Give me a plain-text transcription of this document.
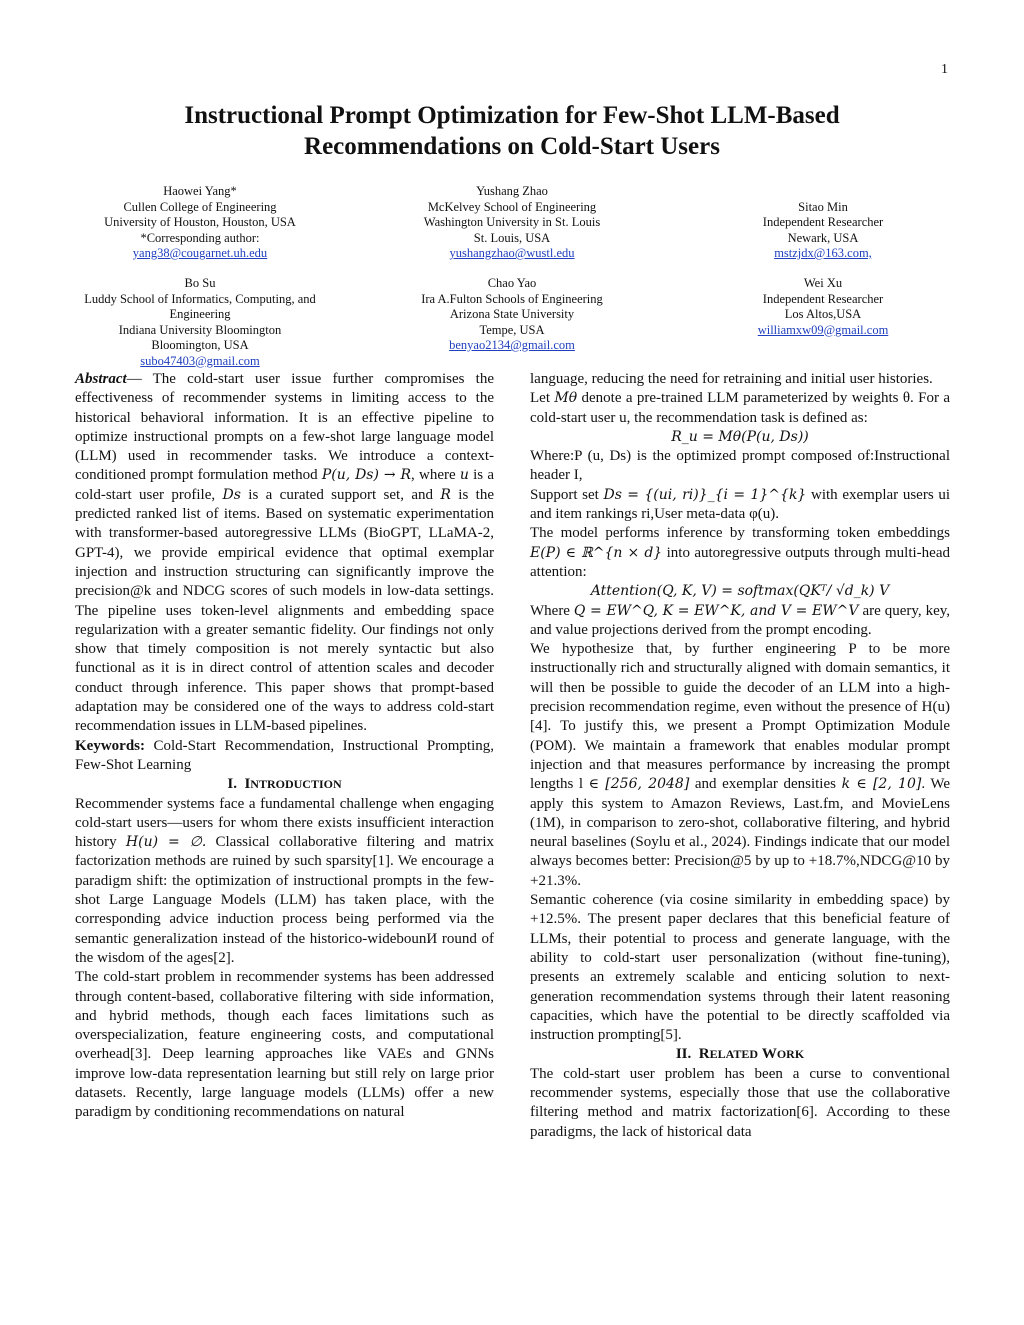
1
Instructional Prompt Optimization for Few-Shot LLM-Based
Recommendations on Cold-Start Users
Haowei Yang*
Cullen College of Engineering
University of Houston, Houston, USA
*Corresponding author:
yang38@cougarnet.uh.edu
Yushang Zhao
McKelvey School of Engineering
Washington University in St. Louis
St. Louis, USA
yushangzhao@wustl.edu
Sitao Min
Independent Researcher
Newark, USA
mstzjdx@163.com,
Bo Su
Luddy School of Informatics, Computing, and
Engineering
Indiana University Bloomington
Bloomington, USA
subo47403@gmail.com
Chao Yao
Ira A.Fulton Schools of Engineering
Arizona State University
Tempe, USA
benyao2134@gmail.com
Wei Xu
Independent Researcher
Los Altos,USA
williamxw09@gmail.com

Abstract— The cold-start user issue further compromises the effectiveness of recommender systems in limiting access to the historical behavioral information. It is an effective pipeline to optimize instructional prompts on a few-shot large language model (LLM) used in recommender tasks. We introduce a context-conditioned prompt formulation method P(u, Ds) → R, where u is a cold-start user profile, Ds is a curated support set, and R is the predicted ranked list of items. Based on systematic experimentation with transformer-based autoregressive LLMs (BioGPT, LLaMA-2, GPT-4), we provide empirical evidence that optimal exemplar injection and instruction structuring can significantly improve the precision@k and NDCG scores of such models in low-data settings. The pipeline uses token-level alignments and embedding space regularization with a greater semantic fidelity. Our findings not only show that timely composition is not merely syntactic but also functional as it is in direct control of attention scales and decoder conduct through inference. This paper shows that prompt-based adaptation may be considered one of the ways to address cold-start recommendation issues in LLM-based pipelines.

Keywords: Cold-Start Recommendation, Instructional Prompting, Few-Shot Learning

I. INTRODUCTION

Recommender systems face a fundamental challenge when engaging cold-start users—users for whom there exists insufficient interaction history H(u) = ∅. Classical collaborative filtering and matrix factorization methods are ruined by such sparsity[1]. We encourage a paradigm shift: the optimization of instructional prompts in the few-shot Large Language Models (LLM) has taken place, with the corresponding advice induction process being performed via the semantic generalization instead of the historico-widebounИ round of the wisdom of the ages[2].

The cold-start problem in recommender systems has been addressed through content-based, collaborative filtering with side information, and hybrid methods, though each faces limitations such as overspecialization, feature engineering costs, and computational overhead[3]. Deep learning approaches like VAEs and GNNs improve low-data representation learning but still rely on large prior datasets. Recently, large language models (LLMs) offer a new paradigm by conditioning recommendations on natural

language, reducing the need for retraining and initial user histories.

Let Mθ denote a pre-trained LLM parameterized by weights θ. For a cold-start user u, the recommendation task is defined as:

R_u = Mθ(P(u, Ds))

Where:P (u, Ds) is the optimized prompt composed of:Instructional header I,

Support set Ds = {(ui, ri)}_{i = 1}^{k} with exemplar users ui and item rankings ri,User meta-data φ(u).

The model performs inference by transforming token embeddings E(P) ∈ ℝ^{n × d} into autoregressive outputs through multi-head attention:

Attention(Q, K, V) = softmax(QKᵀ/ √d_k) V

Where Q = EW^Q, K = EW^K, and V = EW^V are query, key, and value projections derived from the prompt encoding.

We hypothesize that, by further engineering P to be more instructionally rich and structurally aligned with domain semantics, it will then be possible to guide the decoder of an LLM into a high-precision recommendation regime, even without the presence of H(u)[4]. To justify this, we present a Prompt Optimization Module (POM). We maintain a framework that enables modular prompt injection and that measures performance by increasing the prompt lengths l ∈ [256, 2048] and exemplar densities k ∈ [2, 10]. We apply this system to Amazon Reviews, Last.fm, and MovieLens (1M), in comparison to zero-shot, collaborative filtering, and hybrid neural baselines (Soylu et al., 2024). Findings indicate that our model always becomes better: Precision@5 by up to +18.7%,NDCG@10 by +21.3%.

Semantic coherence (via cosine similarity in embedding space) by +12.5%. The present paper declares that this beneficial feature of LLMs, their potential to process and generate language, with the ability to cold-start user personalization (without fine-tuning), presents an extremely scalable and enticing solution to next-generation recommendation systems through their latent reasoning capacities, which have the potential to be directly scaffolded via instruction prompting[5].

II. RELATED WORK

The cold-start user problem has been a curse to conventional recommender systems, especially those that use the collaborative filtering method and matrix factorization[6]. According to these paradigms, the lack of historical data
